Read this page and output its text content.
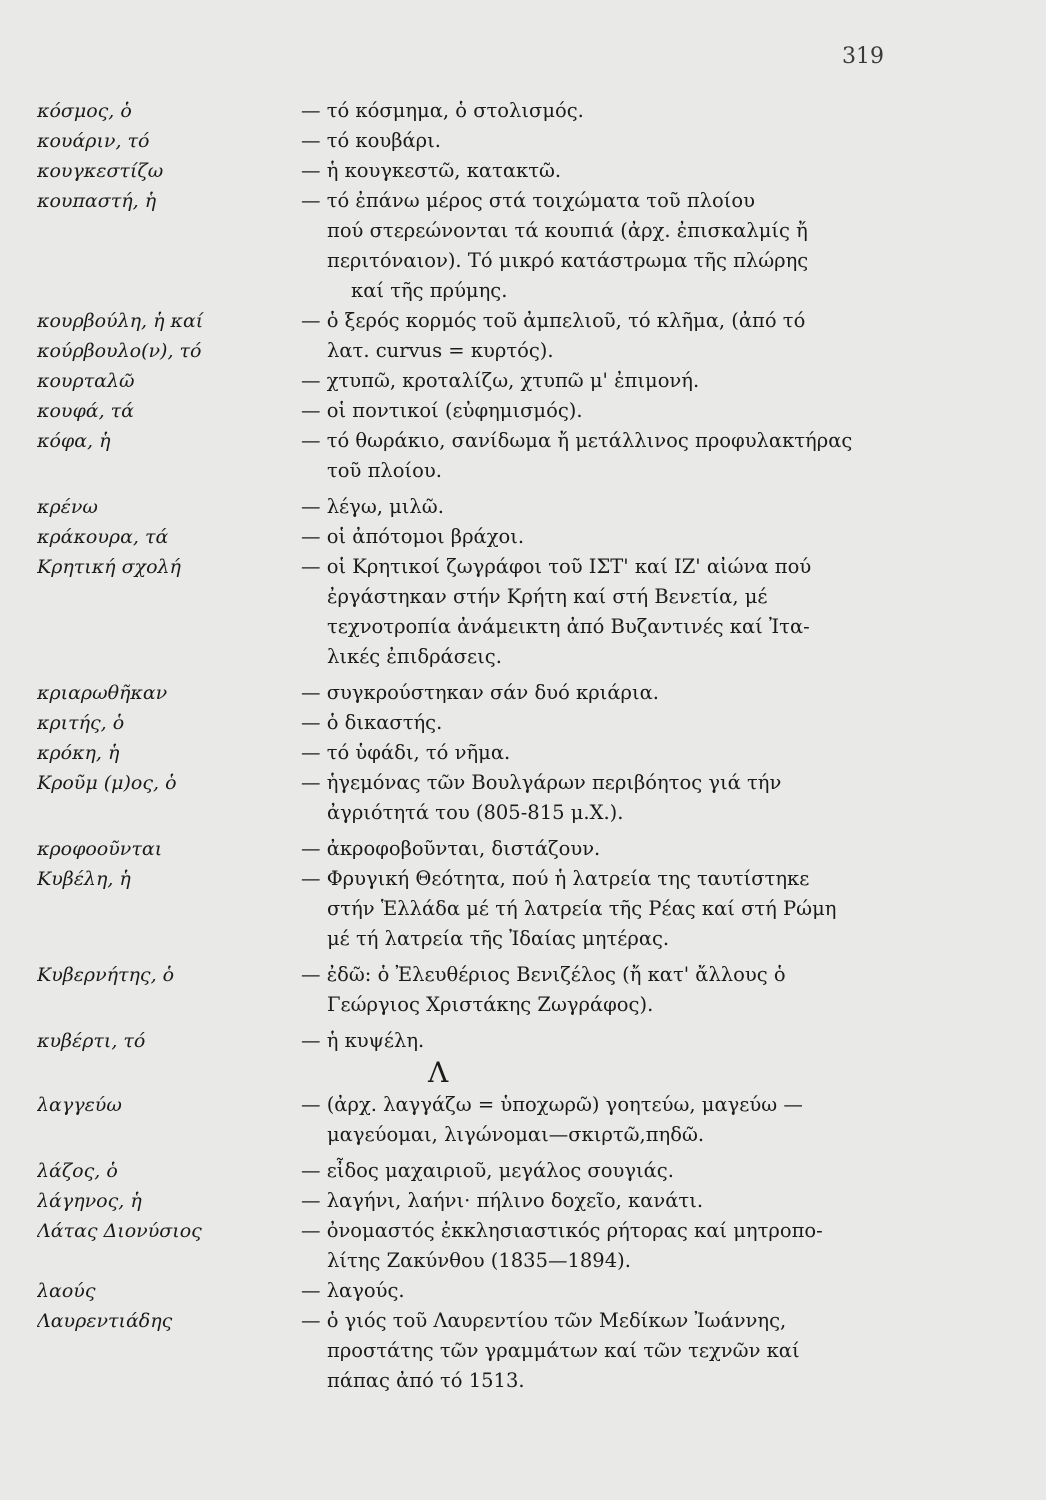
319
κόσμος, ὁ	— τό κόσμημα, ὁ στολισμός.
κουάριν, τό	— τό κουβάρι.
κουγκεστίζω	— ἡ κουγκεστῶ, κατακτῶ.
κουπαστή, ἡ	— τό ἐπάνω μέρος στά τοιχώματα τοῦ πλοίου
πού στερεώνονται τά κουπιά (ἀρχ. ἐπισκαλμίς ἤ
περιτόναιον). Τό μικρό κατάστρωμα τῆς πλώρης
καί τῆς πρύμης.
κουρβούλη, ἡ καί	— ὁ ξερός κορμός τοῦ ἀμπελιοῦ, τό κλῆμα, (ἀπό τό
κούρβουλο(ν), τό	λατ. curvus = κυρτός).
κουρταλῶ	— χτυπῶ, κροταλίζω, χτυπῶ μ' ἐπιμονή.
κουφά, τά	— οἱ ποντικοί (εὐφημισμός).
κόφα, ἡ	— τό θωράκιο, σανίδωμα ἤ μετάλλινος προφυλακτήρας
τοῦ πλοίου.
κρένω	— λέγω, μιλῶ.
κράκουρα, τά	— οἱ ἀπότομοι βράχοι.
Κρητική σχολή	— οἱ Κρητικοί ζωγράφοι τοῦ ΙΣΤ' καί ΙΖ' αἰώνα πού
ἐργάστηκαν στήν Κρήτη καί στή Βενετία, μέ
τεχνοτροπία ἀνάμεικτη ἀπό Βυζαντινές καί Ἰτα-
λικές ἐπιδράσεις.
κριαρωθῆκαν	— συγκρούστηκαν σάν δυό κριάρια.
κριτής, ὁ	— ὁ δικαστής.
κρόκη, ἡ	— τό ὑφάδι, τό νῆμα.
Κροῦμ (μ)ος, ὁ	— ἡγεμόνας τῶν Βουλγάρων περιβόητος γιά τήν
ἀγριότητά του (805-815 μ.Χ.).
κροφοοῦνται	— ἀκροφοβοῦνται, διστάζουν.
Κυβέλη, ἡ	— Φρυγική Θεότητα, πού ἡ λατρεία της ταυτίστηκε
στήν Ἑλλάδα μέ τή λατρεία τῆς Ρέας καί στή Ρώμη
μέ τή λατρεία τῆς Ἰδαίας μητέρας.
Κυβερνήτης, ὁ	— ἐδῶ: ὁ Ἐλευθέριος Βενιζέλος (ἤ κατ' ἄλλους ὁ
Γεώργιος Χριστάκης Ζωγράφος).
κυβέρτι, τό	— ἡ κυψέλη.
Λ
λαγγεύω	— (ἀρχ. λαγγάζω = ὑποχωρῶ) γοητεύω, μαγεύω —
μαγεύομαι, λιγώνομαι—σκιρτῶ,πηδῶ.
λάζος, ὁ	— εἶδος μαχαιριοῦ, μεγάλος σουγιάς.
λάγηνος, ἡ	— λαγήνι, λαήνι· πήλινο δοχεῖο, κανάτι.
Λάτας Διονύσιος	— ὀνομαστός ἐκκλησιαστικός ρήτορας καί μητροπο-
λίτης Ζακύνθου (1835—1894).
λαούς	— λαγούς.
Λαυρεντιάδης	— ὁ γιός τοῦ Λαυρεντίου τῶν Μεδίκων Ἰωάννης,
προστάτης τῶν γραμμάτων καί τῶν τεχνῶν καί
πάπας ἀπό τό 1513.
